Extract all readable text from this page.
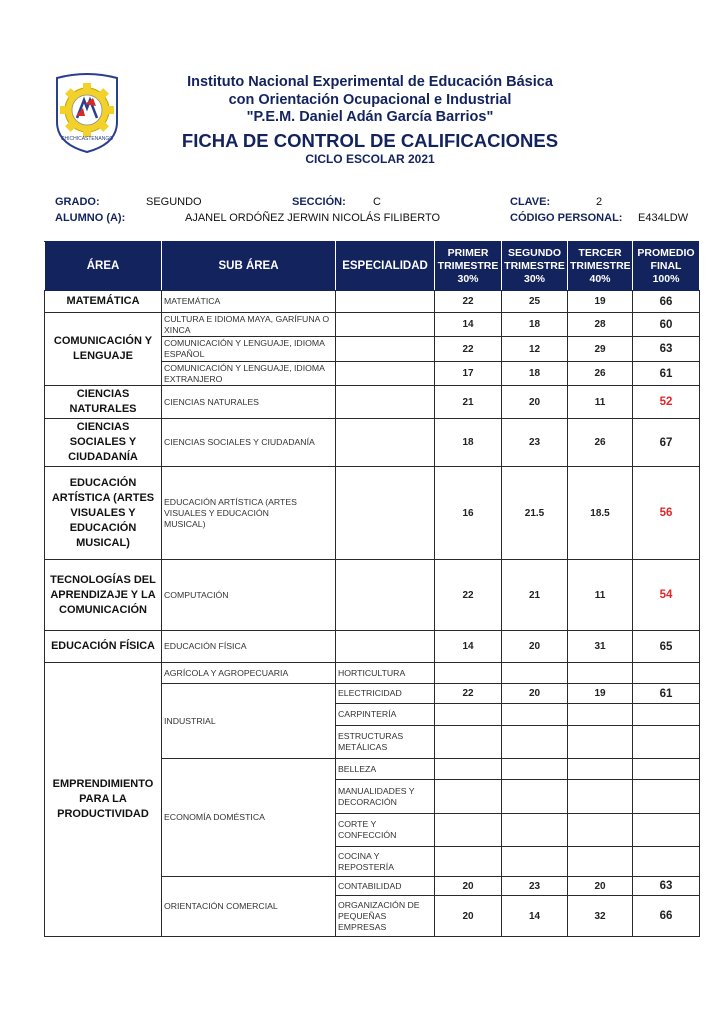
CHICHICASTENANGO
Instituto Nacional Experimental de Educación Básica
con Orientación Ocupacional e Industrial
"P.E.M. Daniel Adán García Barrios"
FICHA DE CONTROL DE CALIFICACIONES
CICLO ESCOLAR 2021
GRADO:	SEGUNDO	SECCIÓN: C	CLAVE:	2
ALUMNO (A):	AJANEL ORDÓÑEZ JERWIN NICOLÁS FILIBERTO	CÓDIGO PERSONAL: E434LDW
ÁREA	SUB ÁREA	ESPECIALIDAD	PRIMER
TRIMESTRE
30%	SEGUNDO
TRIMESTRE
30%	TERCER
TRIMESTRE
40%	PROMEDIO
FINAL
100%
MATEMÁTICA	MATEMÁTICA		22	25	19	66
COMUNICACIÓN Y LENGUAJE	CULTURA E IDIOMA MAYA, GARÍFUNA O XINCA		14	18	28	60
	COMUNICACIÓN Y LENGUAJE, IDIOMA ESPAÑOL		22	12	29	63
	COMUNICACIÓN Y LENGUAJE, IDIOMA EXTRANJERO		17	18	26	61
CIENCIAS NATURALES	CIENCIAS NATURALES		21	20	11	52
CIENCIAS SOCIALES Y CIUDADANÍA	CIENCIAS SOCIALES Y CIUDADANÍA		18	23	26	67
EDUCACIÓN ARTÍSTICA (ARTES VISUALES Y EDUCACIÓN MUSICAL)	EDUCACIÓN ARTÍSTICA (ARTES VISUALES Y EDUCACIÓN MUSICAL)		16	21.5	18.5	56
TECNOLOGÍAS DEL APRENDIZAJE Y LA COMUNICACIÓN	COMPUTACIÓN		22	21	11	54
EDUCACIÓN FÍSICA	EDUCACIÓN FÍSICA		14	20	31	65
EMPRENDIMIENTO PARA LA PRODUCTIVIDAD	AGRÍCOLA Y AGROPECUARIA	HORTICULTURA				
	INDUSTRIAL	ELECTRICIDAD	22	20	19	61
		CARPINTERÍA				
		ESTRUCTURAS METÁLICAS				
	ECONOMÍA DOMÉSTICA	BELLEZA				
		MANUALIDADES Y DECORACIÓN				
		CORTE Y CONFECCIÓN				
		COCINA Y REPOSTERÍA				
	ORIENTACIÓN COMERCIAL	CONTABILIDAD	20	23	20	63
		ORGANIZACIÓN DE PEQUEÑAS EMPRESAS	20	14	32	66
